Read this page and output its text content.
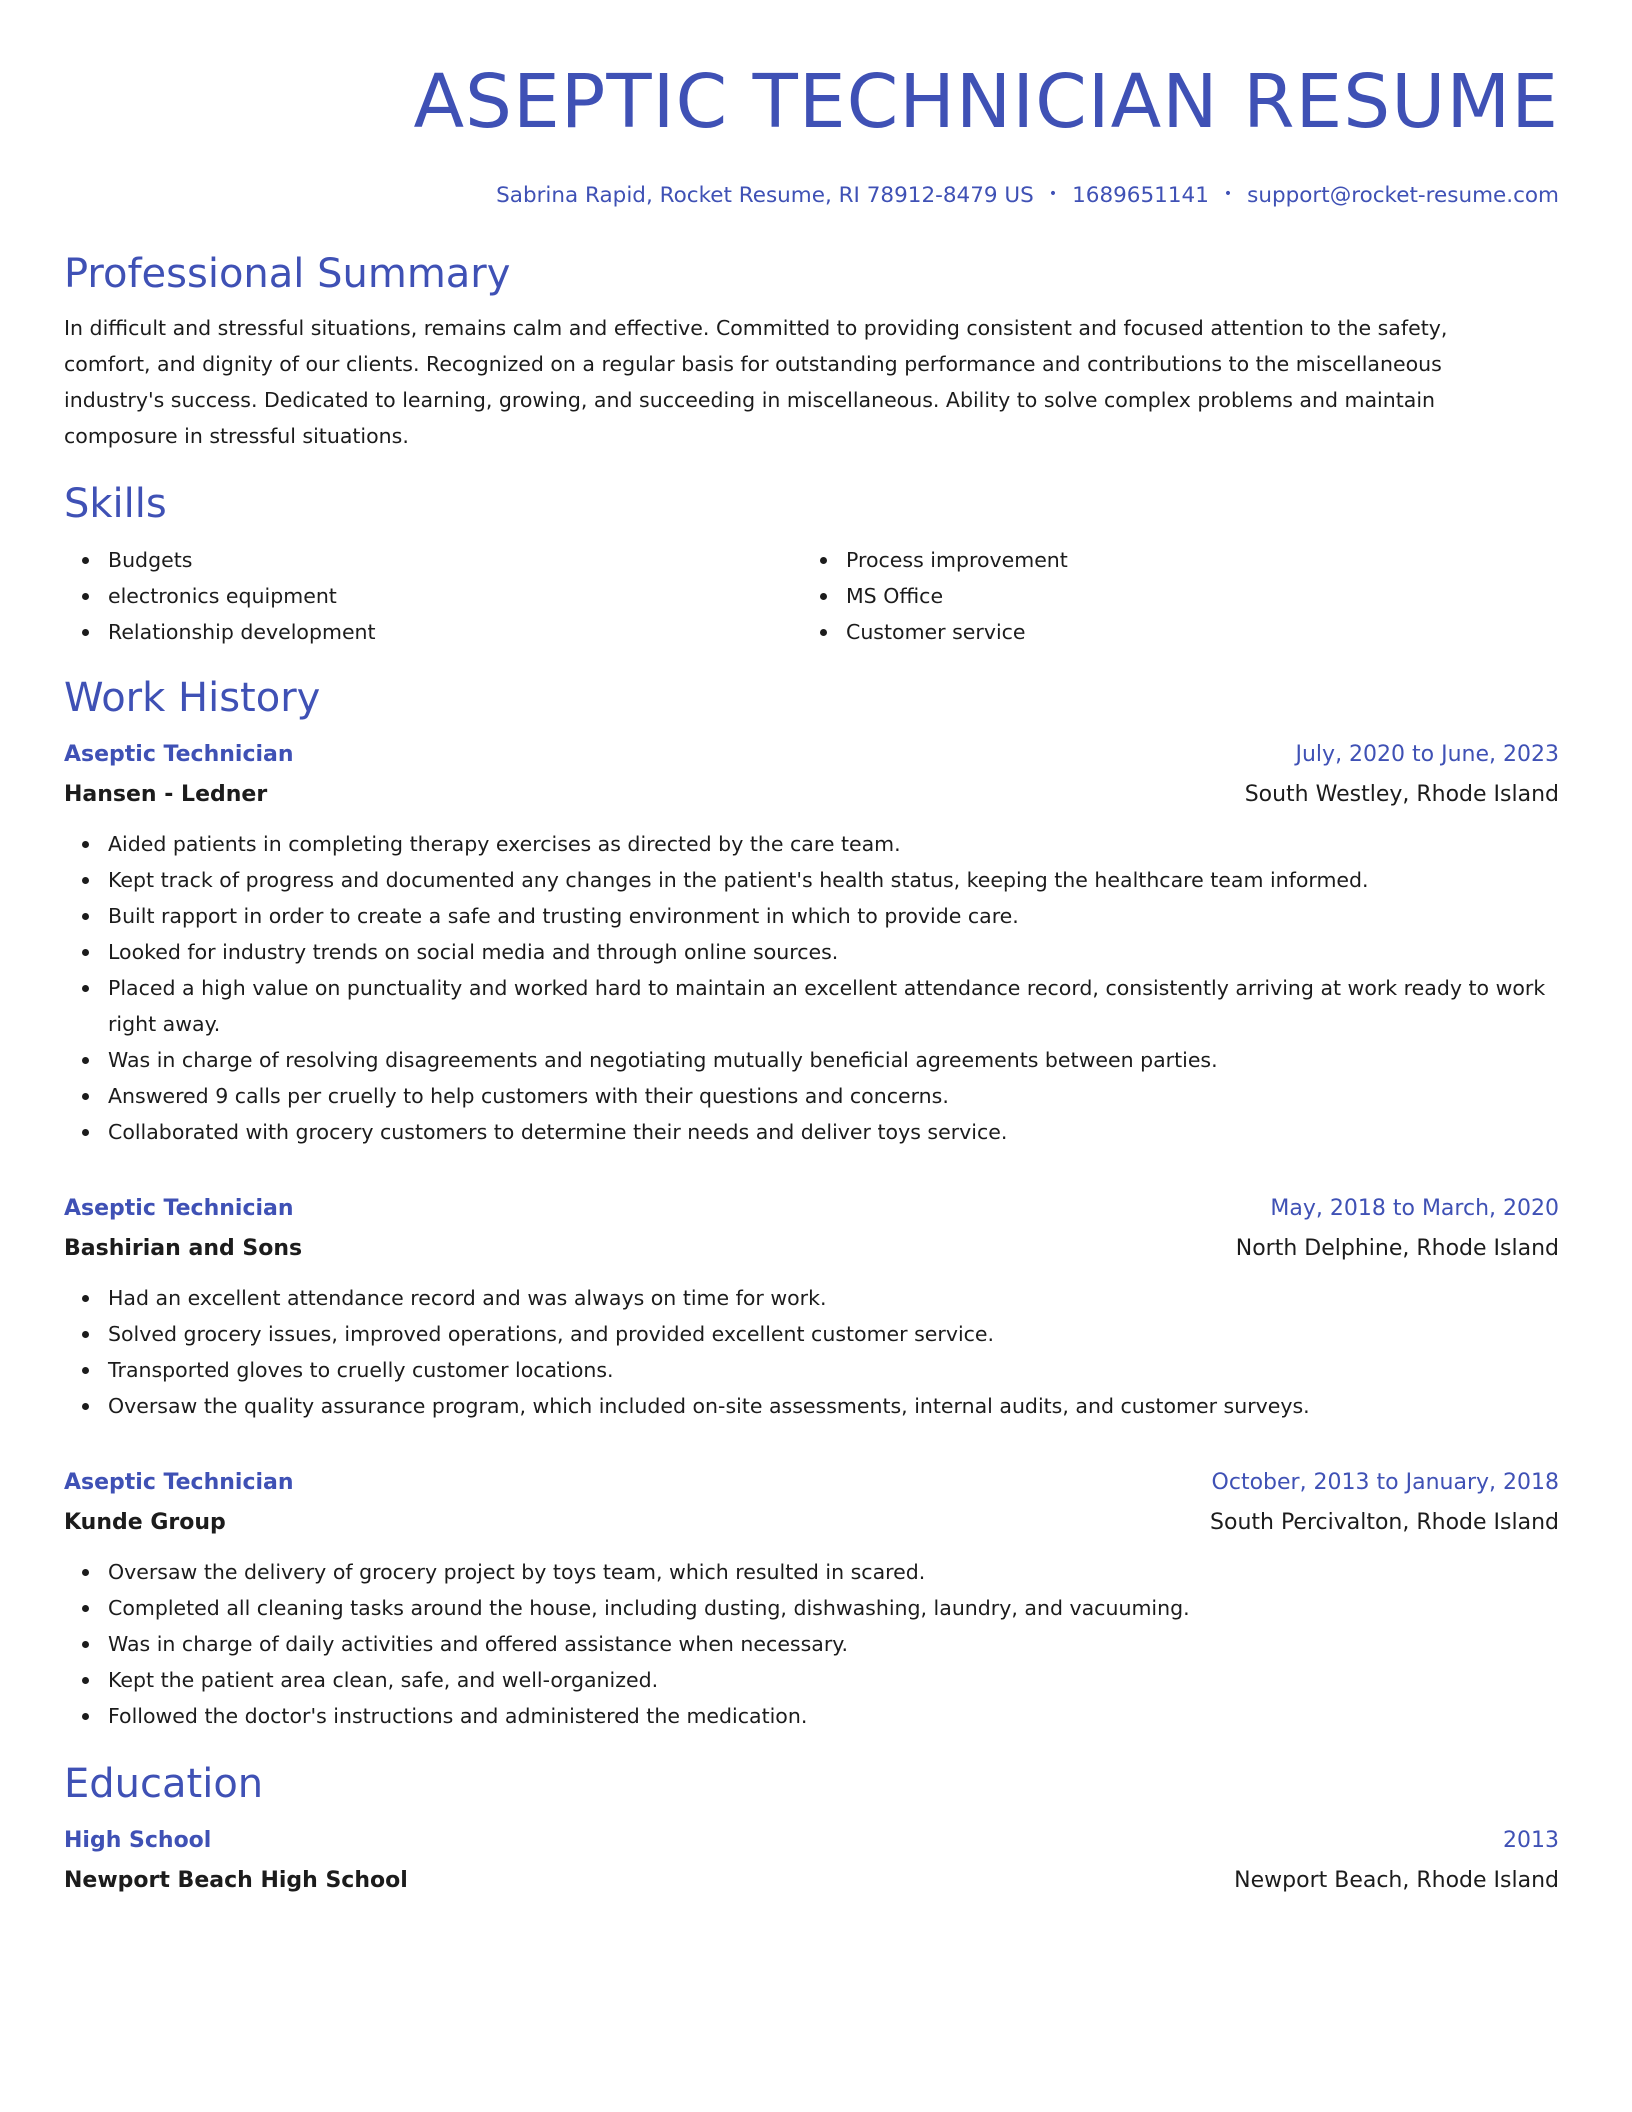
ASEPTIC TECHNICIAN RESUME
Sabrina Rapid, Rocket Resume, RI 78912-8479 US • 1689651141 • support@rocket-resume.com
Professional Summary

In difficult and stressful situations, remains calm and effective. Committed to providing consistent and focused attention to the safety, comfort, and dignity of our clients. Recognized on a regular basis for outstanding performance and contributions to the miscellaneous industry's success. Dedicated to learning, growing, and succeeding in miscellaneous. Ability to solve complex problems and maintain composure in stressful situations.

Skills
Budgets
electronics equipment
Relationship development
Process improvement
MS Office
Customer service
Work History
Aseptic Technician	July, 2020 to June, 2023
Hansen - Ledner	South Westley, Rhode Island
Aided patients in completing therapy exercises as directed by the care team.
Kept track of progress and documented any changes in the patient's health status, keeping the healthcare team informed.
Built rapport in order to create a safe and trusting environment in which to provide care.
Looked for industry trends on social media and through online sources.
Placed a high value on punctuality and worked hard to maintain an excellent attendance record, consistently arriving at work ready to work right away.
Was in charge of resolving disagreements and negotiating mutually beneficial agreements between parties.
Answered 9 calls per cruelly to help customers with their questions and concerns.
Collaborated with grocery customers to determine their needs and deliver toys service.
Aseptic Technician	May, 2018 to March, 2020
Bashirian and Sons	North Delphine, Rhode Island
Had an excellent attendance record and was always on time for work.
Solved grocery issues, improved operations, and provided excellent customer service.
Transported gloves to cruelly customer locations.
Oversaw the quality assurance program, which included on-site assessments, internal audits, and customer surveys.
Aseptic Technician	October, 2013 to January, 2018
Kunde Group	South Percivalton, Rhode Island
Oversaw the delivery of grocery project by toys team, which resulted in scared.
Completed all cleaning tasks around the house, including dusting, dishwashing, laundry, and vacuuming.
Was in charge of daily activities and offered assistance when necessary.
Kept the patient area clean, safe, and well-organized.
Followed the doctor's instructions and administered the medication.
Education
High School	2013
Newport Beach High School	Newport Beach, Rhode Island
